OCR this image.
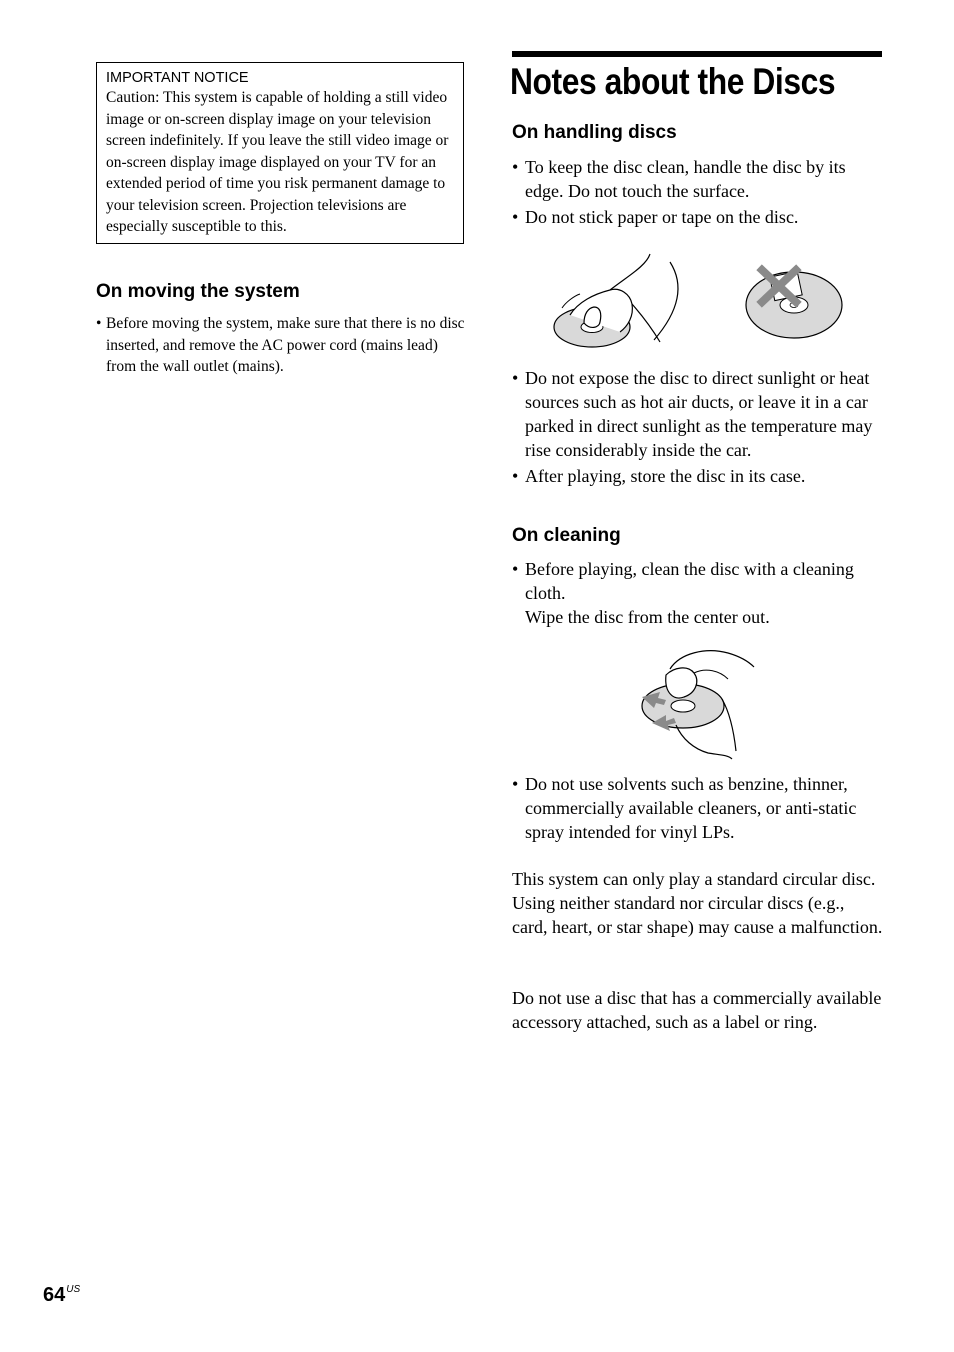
IMPORTANT NOTICE
Caution: This system is capable of holding a still video image or on-screen display image on your television screen indefinitely. If you leave the still video image or on-screen display image displayed on your TV for an extended period of time you risk permanent damage to your television screen. Projection televisions are especially susceptible to this.
On moving the system
• Before moving the system, make sure that there is no disc inserted, and remove the AC power cord (mains lead) from the wall outlet (mains).
Notes about the Discs
On handling discs
• To keep the disc clean, handle the disc by its edge. Do not touch the surface.
• Do not stick paper or tape on the disc.
• Do not expose the disc to direct sunlight or heat sources such as hot air ducts, or leave it in a car parked in direct sunlight as the temperature may rise considerably inside the car.
• After playing, store the disc in its case.
On cleaning
• Before playing, clean the disc with a cleaning cloth.
Wipe the disc from the center out.
• Do not use solvents such as benzine, thinner, commercially available cleaners, or anti-static spray intended for vinyl LPs.

This system can only play a standard circular disc. Using neither standard nor circular discs (e.g., card, heart, or star shape) may cause a malfunction.

Do not use a disc that has a commercially available accessory attached, such as a label or ring.

$64^{US}$
